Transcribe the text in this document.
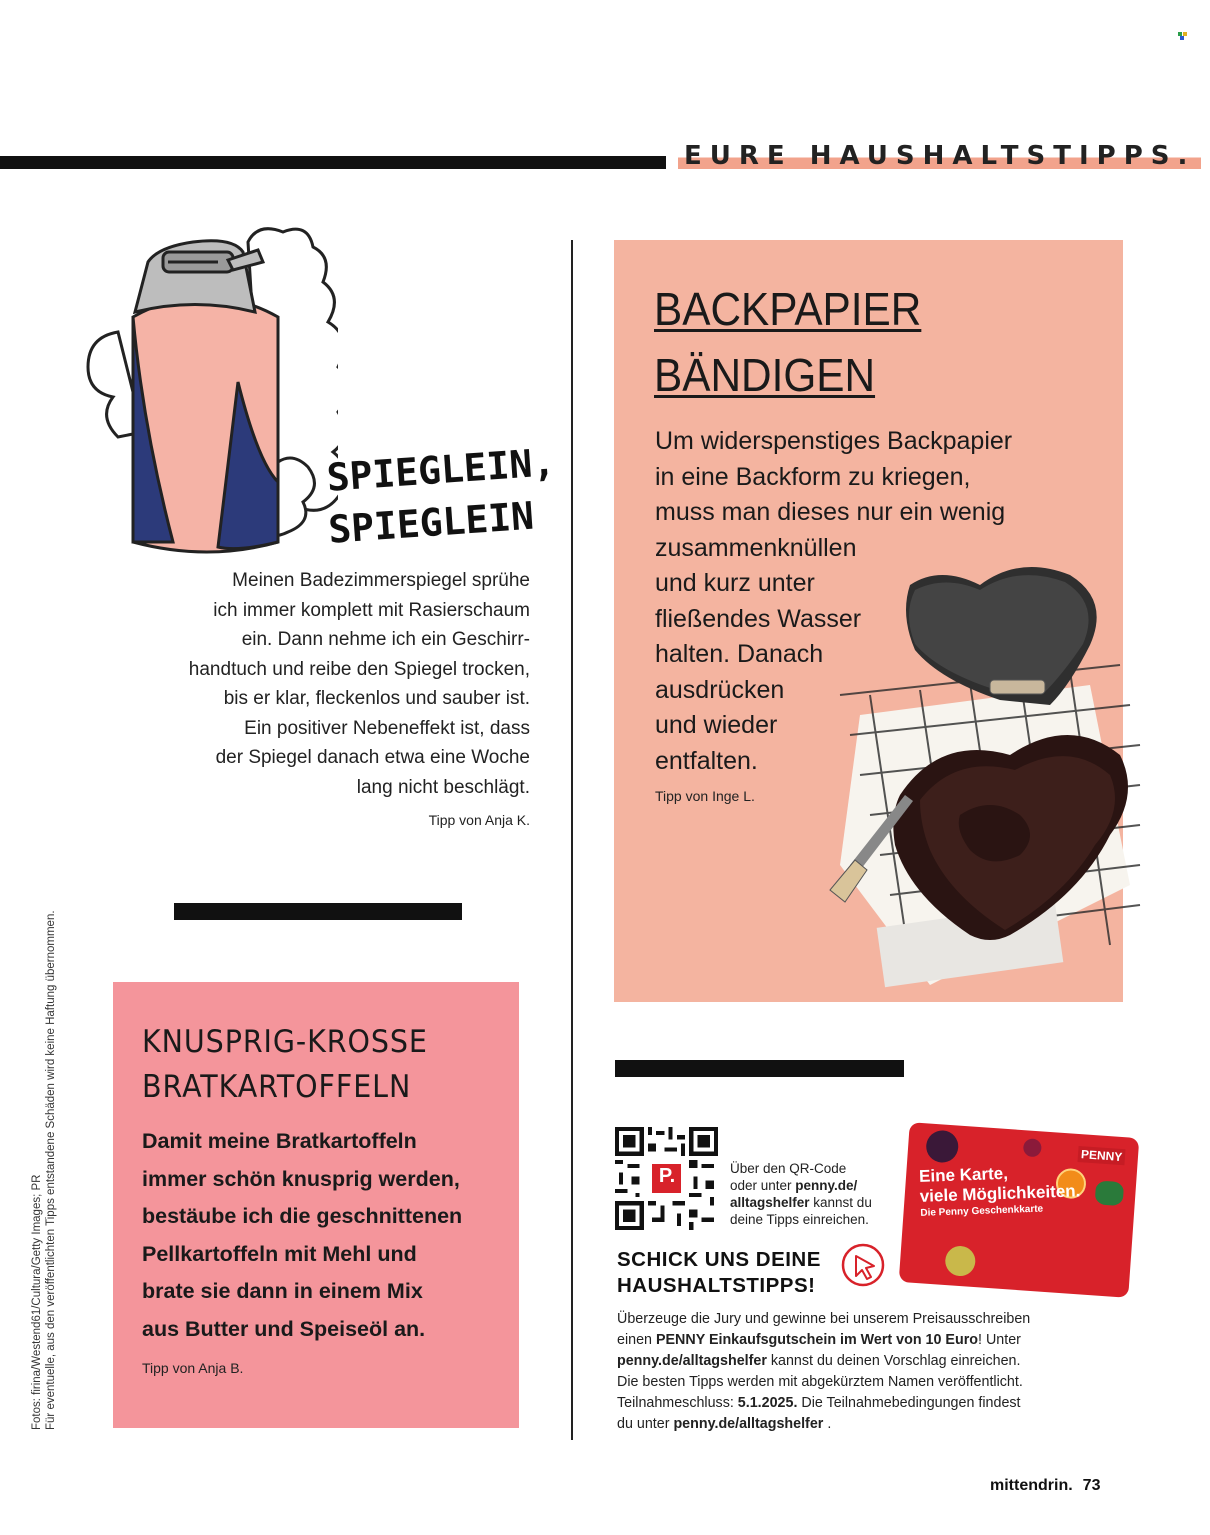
EURE HAUSHALTSTIPPS.
SPIEGLEIN,
SPIEGLEIN
Meinen Badezimmerspiegel sprühe
ich immer komplett mit Rasierschaum
ein. Dann nehme ich ein Geschirr-
handtuch und reibe den Spiegel trocken,
bis er klar, fleckenlos und sauber ist.
Ein positiver Nebeneffekt ist, dass
der Spiegel danach etwa eine Woche
lang nicht beschlägt.
Tipp von Anja K.
BACKPAPIER
BÄNDIGEN
Um widerspenstiges Backpapier
in eine Backform zu kriegen,
muss man dieses nur ein wenig
zusammenknüllen
und kurz unter
fließendes Wasser
halten. Danach
ausdrücken
und wieder
entfalten.
Tipp von Inge L.
KNUSPRIG-KROSSE
BRATKARTOFFELN
Damit meine Bratkartoffeln
immer schön knusprig werden,
bestäube ich die geschnittenen
Pellkartoffeln mit Mehl und
brate sie dann in einem Mix
aus Butter und Speiseöl an.
Tipp von Anja B.
P.	Über den QR-Code
oder unter penny.de/
alltagshelfer kannst du
deine Tipps einreichen.
PENNY
Eine Karte,
viele Möglichkeiten.
Die Penny Geschenkkarte
SCHICK UNS DEINE
HAUSHALTSTIPPS!
Überzeuge die Jury und gewinne bei unserem Preisausschreiben
einen PENNY Einkaufsgutschein im Wert von 10 Euro! Unter
penny.de/alltagshelfer kannst du deinen Vorschlag einreichen.
Die besten Tipps werden mit abgekürztem Namen veröffentlicht.
Teilnahmeschluss: 5.1.2025. Die Teilnahmebedingungen findest
du unter penny.de/alltagshelfer .
Fotos: firina/Westend61/Cultura/Getty Images; PR Für eventuelle, aus den veröffentlichten Tipps entstandene Schäden wird keine Haftung übernommen.
mittendrin. 73
